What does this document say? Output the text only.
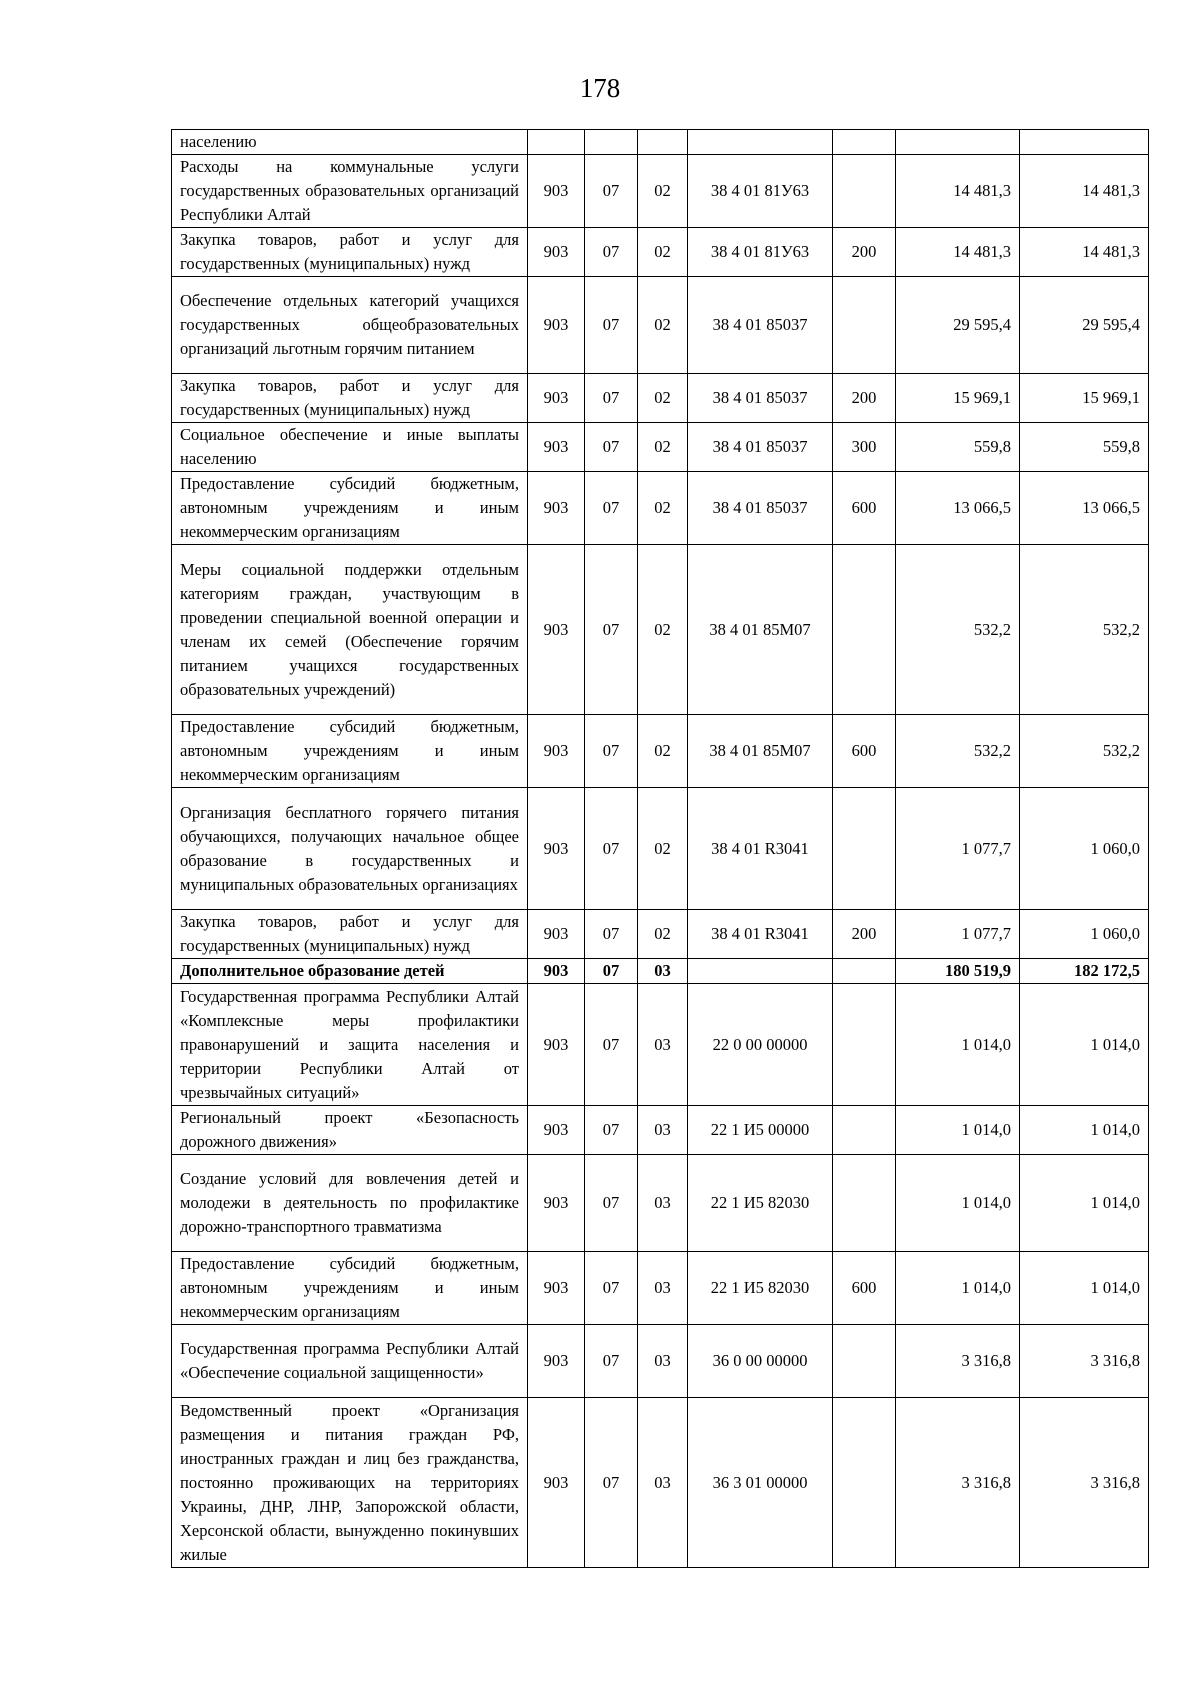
178
населению							
Расходы на коммунальные услуги государственных образовательных организаций Республики Алтай	903	07	02	38 4 01 81У63		14 481,3	14 481,3
Закупка товаров, работ и услуг для государственных (муниципальных) нужд	903	07	02	38 4 01 81У63	200	14 481,3	14 481,3
Обеспечение отдельных категорий учащихся государственных общеобразовательных организаций льготным горячим питанием	903	07	02	38 4 01 85037		29 595,4	29 595,4
Закупка товаров, работ и услуг для государственных (муниципальных) нужд	903	07	02	38 4 01 85037	200	15 969,1	15 969,1
Социальное обеспечение и иные выплаты населению	903	07	02	38 4 01 85037	300	559,8	559,8
Предоставление субсидий бюджетным, автономным учреждениям и иным некоммерческим организациям	903	07	02	38 4 01 85037	600	13 066,5	13 066,5
Меры социальной поддержки отдельным категориям граждан, участвующим в проведении специальной военной операции и членам их семей (Обеспечение горячим питанием учащихся государственных образовательных учреждений)	903	07	02	38 4 01 85М07		532,2	532,2
Предоставление субсидий бюджетным, автономным учреждениям и иным некоммерческим организациям	903	07	02	38 4 01 85М07	600	532,2	532,2
Организация бесплатного горячего питания обучающихся, получающих начальное общее образование в государственных и муниципальных образовательных организациях	903	07	02	38 4 01 R3041		1 077,7	1 060,0
Закупка товаров, работ и услуг для государственных (муниципальных) нужд	903	07	02	38 4 01 R3041	200	1 077,7	1 060,0
Дополнительное образование детей	903	07	03			180 519,9	182 172,5
Государственная программа Республики Алтай «Комплексные меры профилактики правонарушений и защита населения и территории Республики Алтай от чрезвычайных ситуаций»	903	07	03	22 0 00 00000		1 014,0	1 014,0
Региональный проект «Безопасность дорожного движения»	903	07	03	22 1 И5 00000		1 014,0	1 014,0
Создание условий для вовлечения детей и молодежи в деятельность по профилактике дорожно-транспортного травматизма	903	07	03	22 1 И5 82030		1 014,0	1 014,0
Предоставление субсидий бюджетным, автономным учреждениям и иным некоммерческим организациям	903	07	03	22 1 И5 82030	600	1 014,0	1 014,0
Государственная программа Республики Алтай «Обеспечение социальной защищенности»	903	07	03	36 0 00 00000		3 316,8	3 316,8
Ведомственный проект «Организация размещения и питания граждан РФ, иностранных граждан и лиц без гражданства, постоянно проживающих на территориях Украины, ДНР, ЛНР, Запорожской области, Херсонской области, вынужденно покинувших жилые	903	07	03	36 3 01 00000		3 316,8	3 316,8
